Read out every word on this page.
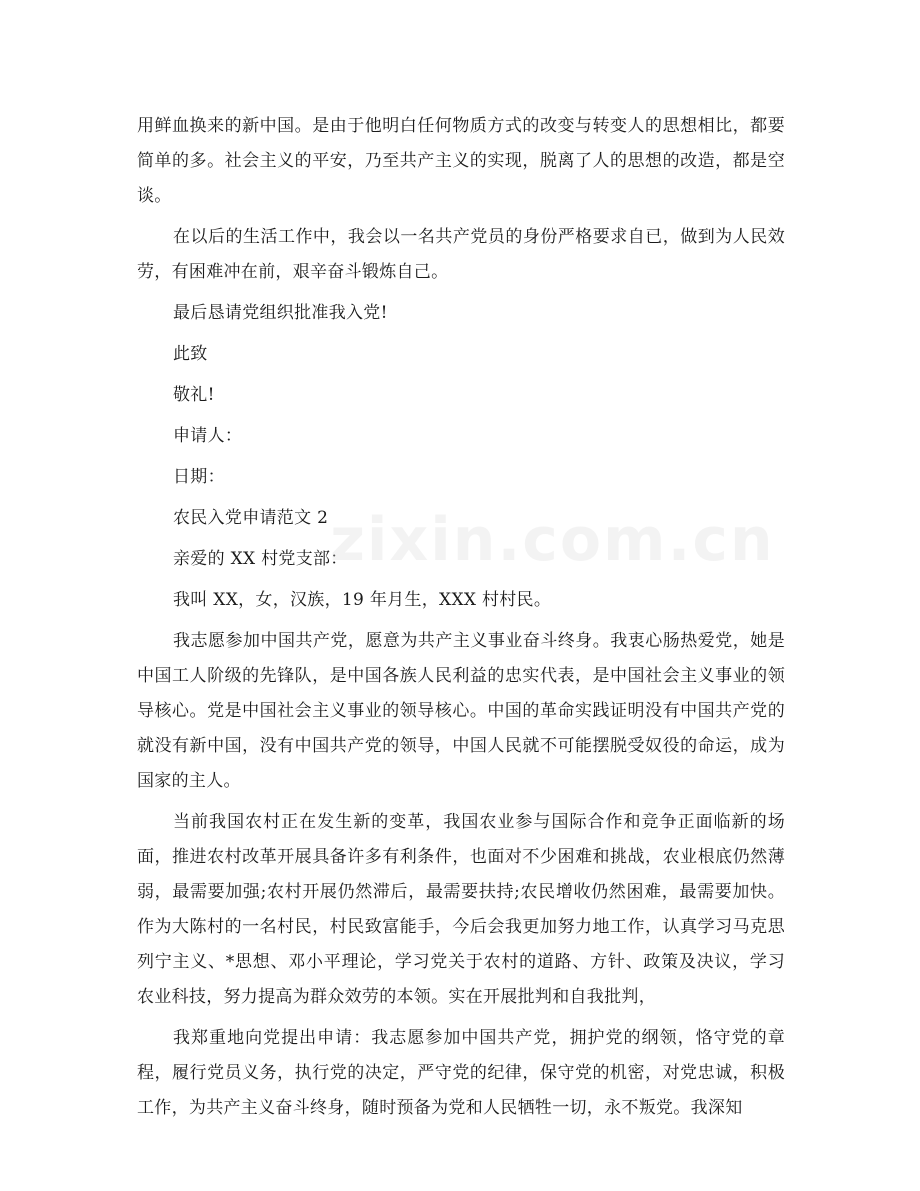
用鲜血换来的新中国。是由于他明白任何物质方式的改变与转变人的思想相比，都要简单的多。社会主义的平安，乃至共产主义的实现，脱离了人的思想的改造，都是空谈。

在以后的生活工作中，我会以一名共产党员的身份严格要求自已，做到为人民效劳，有困难冲在前，艰辛奋斗锻炼自己。

最后恳请党组织批准我入党!

此致

敬礼!

申请人：

日期：

农民入党申请范文 2

亲爱的 XX 村党支部：

我叫 XX，女，汉族，19 年月生，XXX 村村民。

我志愿参加中国共产党，愿意为共产主义事业奋斗终身。我衷心肠热爱党，她是中国工人阶级的先锋队，是中国各族人民利益的忠实代表，是中国社会主义事业的领导核心。党是中国社会主义事业的领导核心。中国的革命实践证明没有中国共产党的就没有新中国，没有中国共产党的领导，中国人民就不可能摆脱受奴役的命运，成为国家的主人。

当前我国农村正在发生新的变革，我国农业参与国际合作和竞争正面临新的场面，推进农村改革开展具备许多有利条件，也面对不少困难和挑战，农业根底仍然薄弱，最需要加强;农村开展仍然滞后，最需要扶持;农民增收仍然困难，最需要加快。作为大陈村的一名村民，村民致富能手，今后会我更加努力地工作，认真学习马克思列宁主义、*思想、邓小平理论，学习党关于农村的道路、方针、政策及决议，学习农业科技，努力提高为群众效劳的本领。实在开展批判和自我批判，

我郑重地向党提出申请：我志愿参加中国共产党，拥护党的纲领，恪守党的章程，履行党员义务，执行党的决定，严守党的纪律，保守党的机密，对党忠诚，积极工作，为共产主义奋斗终身，随时预备为党和人民牺牲一切，永不叛党。我深知

zixin.com.cn
